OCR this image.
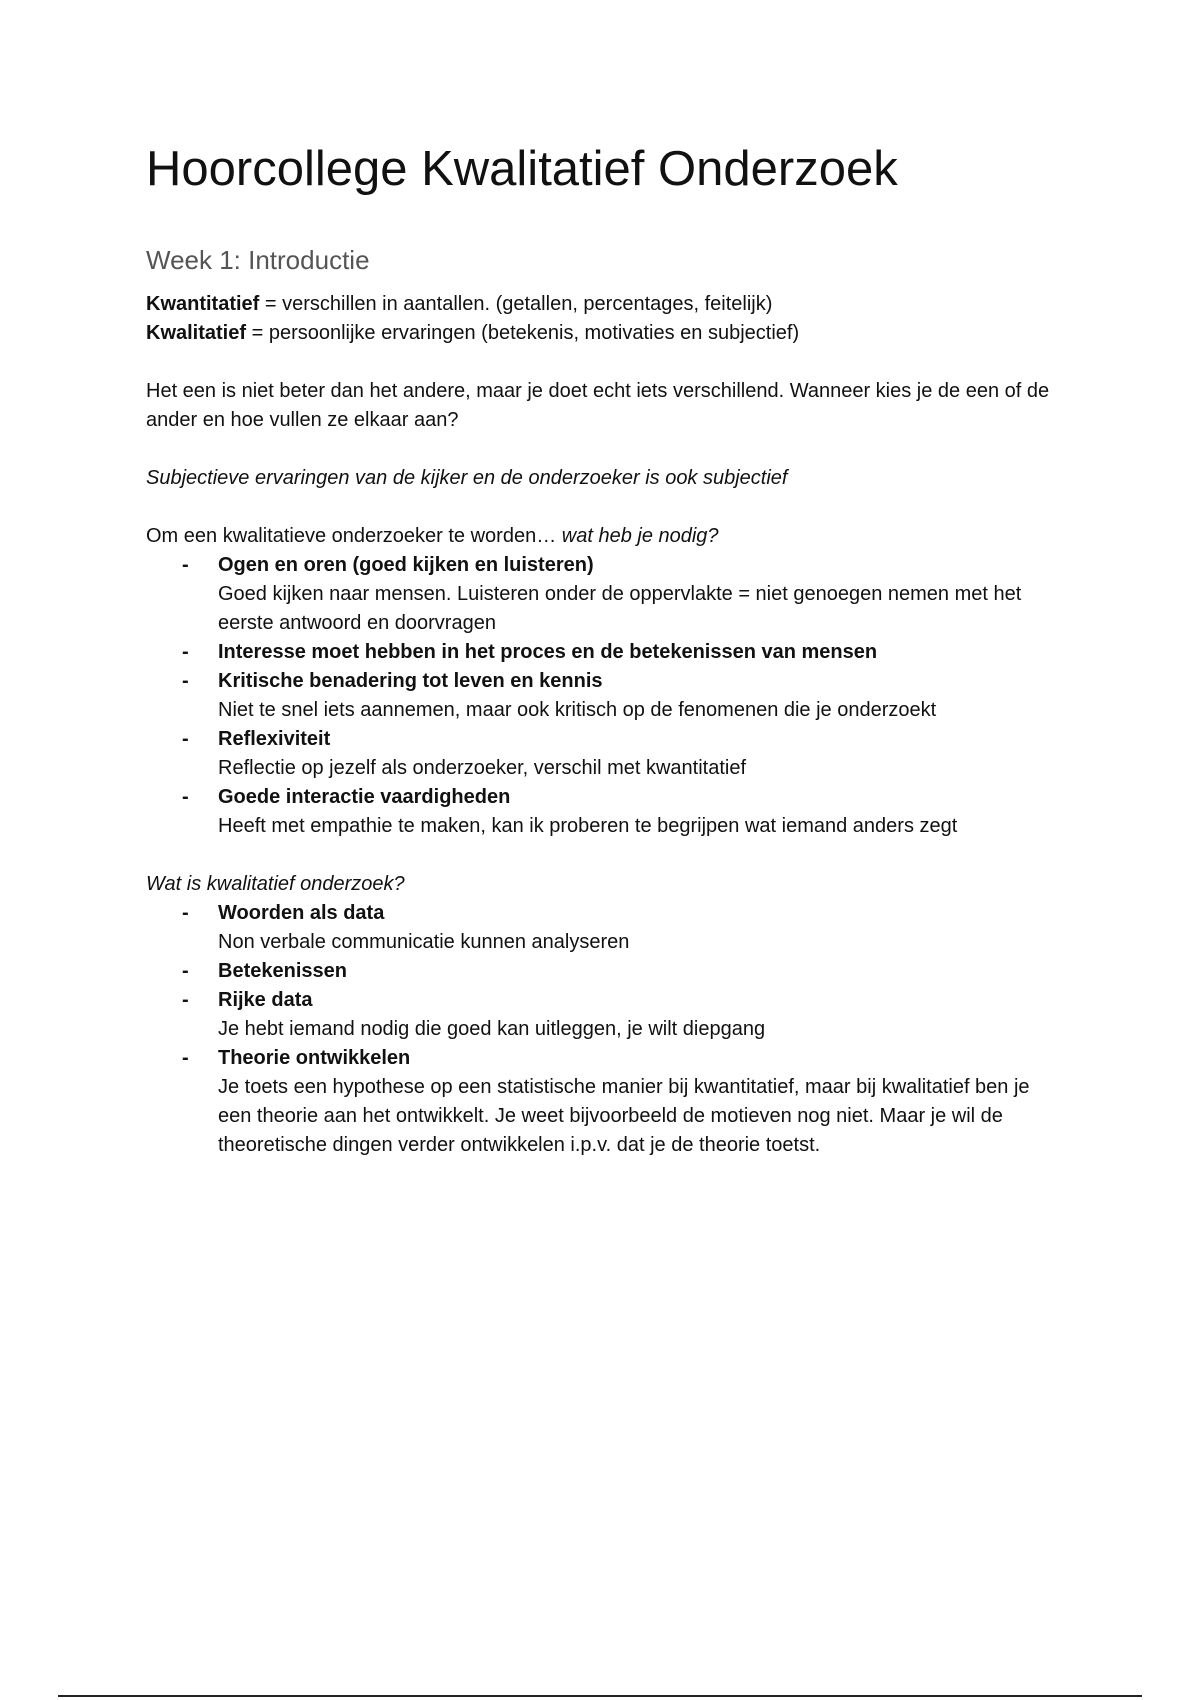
Hoorcollege Kwalitatief Onderzoek
Week 1: Introductie

Kwantitatief = verschillen in aantallen. (getallen, percentages, feitelijk)

Kwalitatief = persoonlijke ervaringen (betekenis, motivaties en subjectief)

Het een is niet beter dan het andere, maar je doet echt iets verschillend. Wanneer kies je de een of de ander en hoe vullen ze elkaar aan?

Subjectieve ervaringen van de kijker en de onderzoeker is ook subjectief

Om een kwalitatieve onderzoeker te worden… wat heb je nodig?

- Ogen en oren (goed kijken en luisteren)
Goed kijken naar mensen. Luisteren onder de oppervlakte = niet genoegen nemen met het eerste antwoord en doorvragen
- Interesse moet hebben in het proces en de betekenissen van mensen
- Kritische benadering tot leven en kennis
Niet te snel iets aannemen, maar ook kritisch op de fenomenen die je onderzoekt
- Reflexiviteit
Reflectie op jezelf als onderzoeker, verschil met kwantitatief
- Goede interactie vaardigheden
Heeft met empathie te maken, kan ik proberen te begrijpen wat iemand anders zegt

Wat is kwalitatief onderzoek?

- Woorden als data
Non verbale communicatie kunnen analyseren
- Betekenissen
- Rijke data
Je hebt iemand nodig die goed kan uitleggen, je wilt diepgang
- Theorie ontwikkelen
Je toets een hypothese op een statistische manier bij kwantitatief, maar bij kwalitatief ben je een theorie aan het ontwikkelt. Je weet bijvoorbeeld de motieven nog niet. Maar je wil de theoretische dingen verder ontwikkelen i.p.v. dat je de theorie toetst.
